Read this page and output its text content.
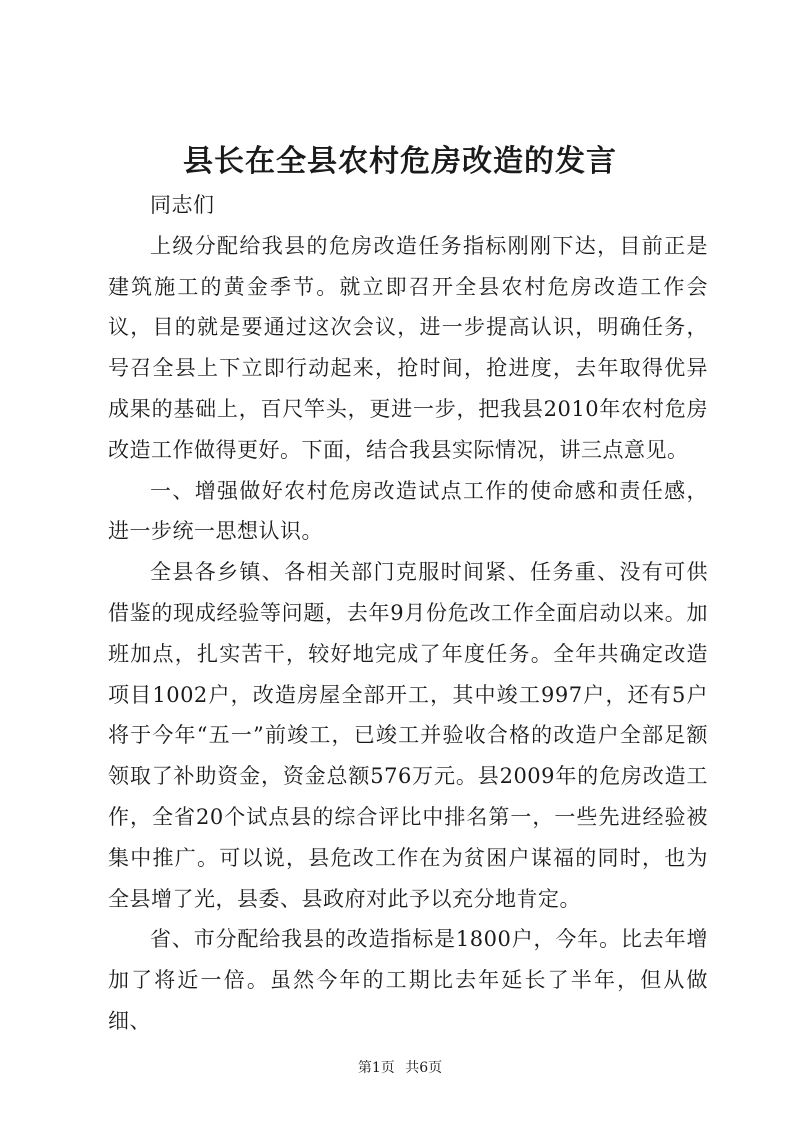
县长在全县农村危房改造的发言

同志们

上级分配给我县的危房改造任务指标刚刚下达，目前正是建筑施工的黄金季节。就立即召开全县农村危房改造工作会议，目的就是要通过这次会议，进一步提高认识，明确任务，号召全县上下立即行动起来，抢时间，抢进度，去年取得优异成果的基础上，百尺竿头，更进一步，把我县2010年农村危房改造工作做得更好。下面，结合我县实际情况，讲三点意见。

一、增强做好农村危房改造试点工作的使命感和责任感，进一步统一思想认识。

全县各乡镇、各相关部门克服时间紧、任务重、没有可供借鉴的现成经验等问题，去年9月份危改工作全面启动以来。加班加点，扎实苦干，较好地完成了年度任务。全年共确定改造项目1002户，改造房屋全部开工，其中竣工997户，还有5户将于今年“五一”前竣工，已竣工并验收合格的改造户全部足额领取了补助资金，资金总额576万元。县2009年的危房改造工作，全省20个试点县的综合评比中排名第一，一些先进经验被集中推广。可以说，县危改工作在为贫困户谋福的同时，也为全县增了光，县委、县政府对此予以充分地肯定。

省、市分配给我县的改造指标是1800户，今年。比去年增加了将近一倍。虽然今年的工期比去年延长了半年，但从做细、

第1页 共6页
